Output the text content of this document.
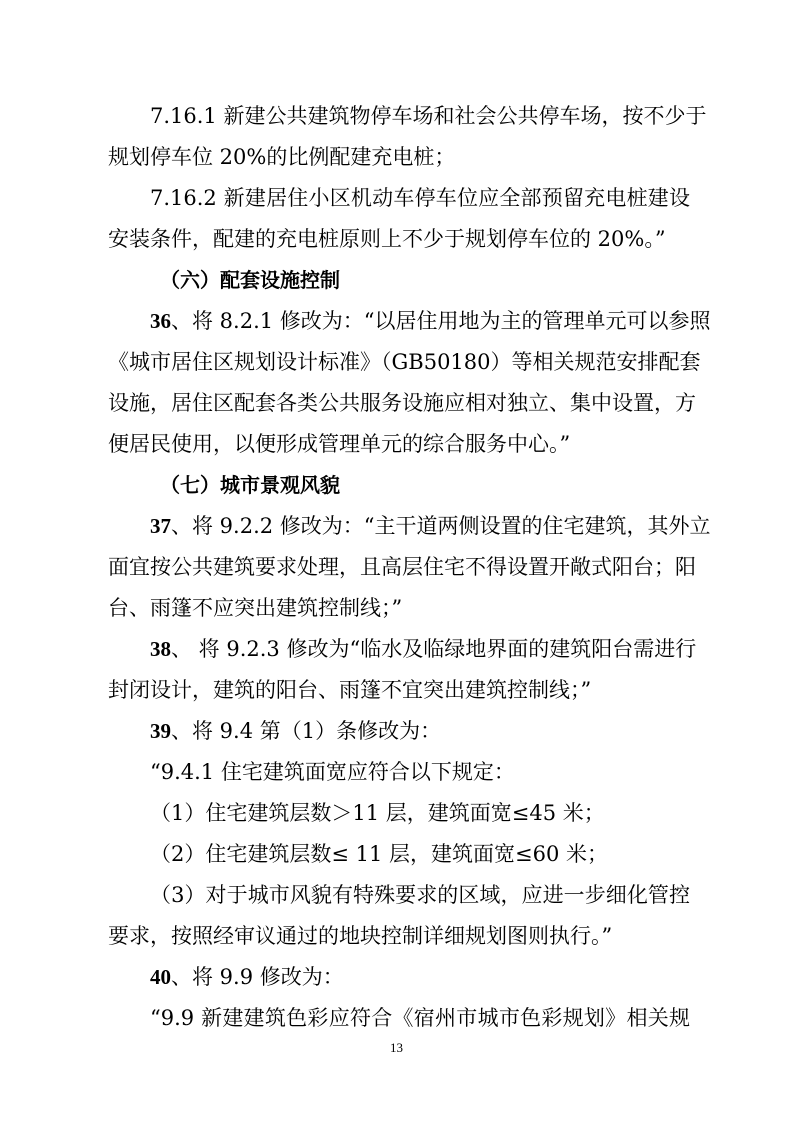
7.16.1 新建公共建筑物停车场和社会公共停车场，按不少于
规划停车位 20%的比例配建充电桩；
7.16.2 新建居住小区机动车停车位应全部预留充电桩建设
安装条件，配建的充电桩原则上不少于规划停车位的 20%。”
（六）配套设施控制
36、将 8.2.1 修改为：“以居住用地为主的管理单元可以参照
《城市居住区规划设计标准》（GB50180）等相关规范安排配套
设施，居住区配套各类公共服务设施应相对独立、集中设置，方
便居民使用，以便形成管理单元的综合服务中心。”
（七）城市景观风貌
37、将 9.2.2 修改为：“主干道两侧设置的住宅建筑，其外立
面宜按公共建筑要求处理，且高层住宅不得设置开敞式阳台；阳
台、雨篷不应突出建筑控制线；”
38、 将 9.2.3 修改为“临水及临绿地界面的建筑阳台需进行
封闭设计，建筑的阳台、雨篷不宜突出建筑控制线；”
39、将 9.4 第（1）条修改为：
“9.4.1 住宅建筑面宽应符合以下规定：
（1）住宅建筑层数＞11 层，建筑面宽≤45 米；
（2）住宅建筑层数≤ 11 层，建筑面宽≤60 米；
（3）对于城市风貌有特殊要求的区域，应进一步细化管控
要求，按照经审议通过的地块控制详细规划图则执行。”
40、将 9.9 修改为：
“9.9 新建建筑色彩应符合《宿州市城市色彩规划》相关规
13
